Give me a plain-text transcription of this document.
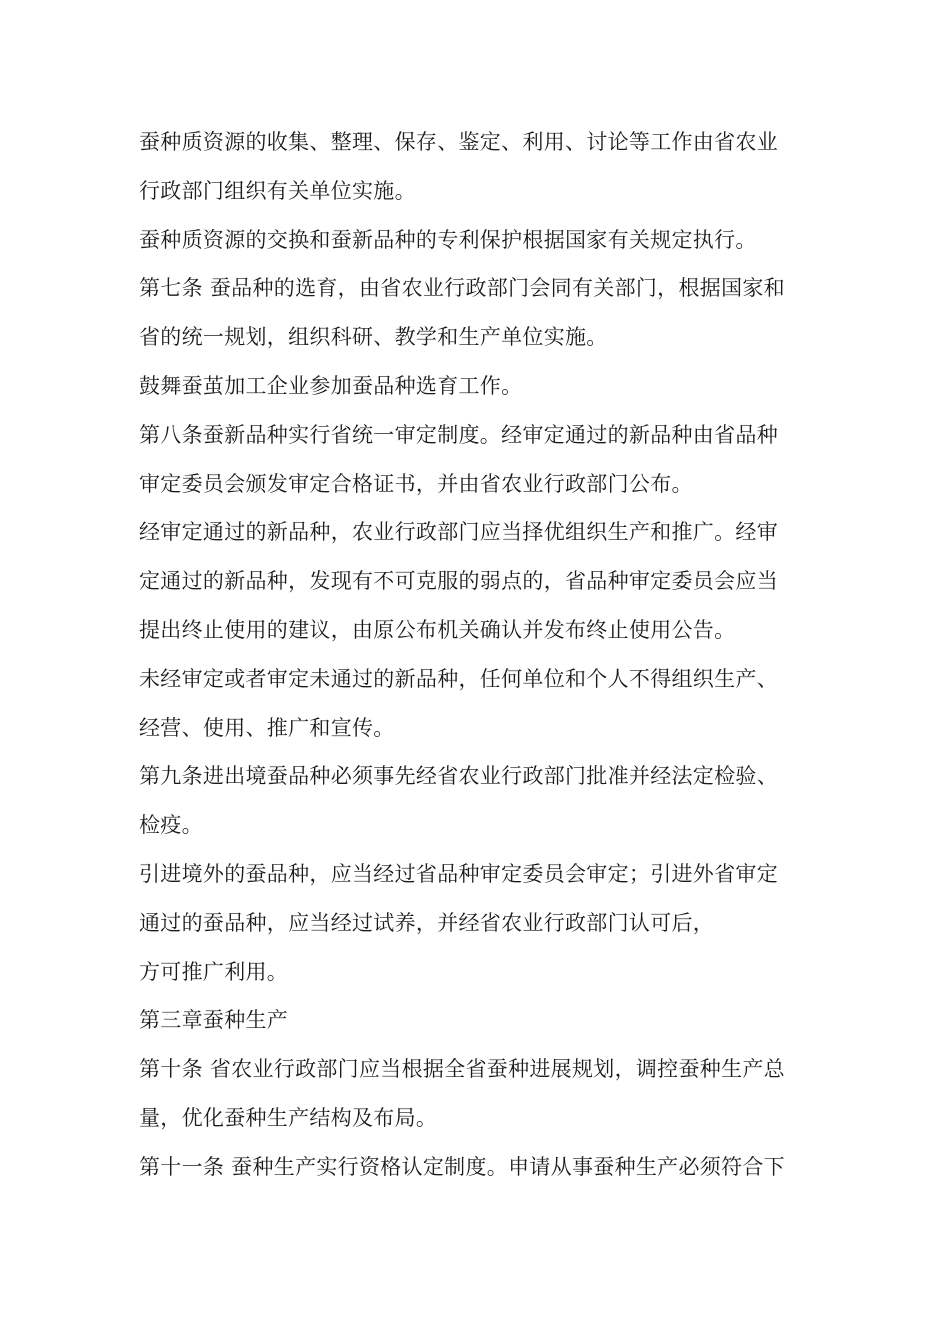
蚕种质资源的收集、整理、保存、鉴定、利用、讨论等工作由省农业
行政部门组织有关单位实施。
蚕种质资源的交换和蚕新品种的专利保护根据国家有关规定执行。
第七条 蚕品种的选育，由省农业行政部门会同有关部门，根据国家和
省的统一规划，组织科研、教学和生产单位实施。
鼓舞蚕茧加工企业参加蚕品种选育工作。
第八条蚕新品种实行省统一审定制度。经审定通过的新品种由省品种
审定委员会颁发审定合格证书，并由省农业行政部门公布。
经审定通过的新品种，农业行政部门应当择优组织生产和推广。经审
定通过的新品种，发现有不可克服的弱点的，省品种审定委员会应当
提出终止使用的建议，由原公布机关确认并发布终止使用公告。
未经审定或者审定未通过的新品种，任何单位和个人不得组织生产、
经营、使用、推广和宣传。
第九条进出境蚕品种必须事先经省农业行政部门批准并经法定检验、
检疫。
引进境外的蚕品种，应当经过省品种审定委员会审定；引进外省审定
通过的蚕品种，应当经过试养，并经省农业行政部门认可后，
方可推广利用。
第三章蚕种生产
第十条 省农业行政部门应当根据全省蚕种进展规划，调控蚕种生产总
量，优化蚕种生产结构及布局。
第十一条 蚕种生产实行资格认定制度。申请从事蚕种生产必须符合下
